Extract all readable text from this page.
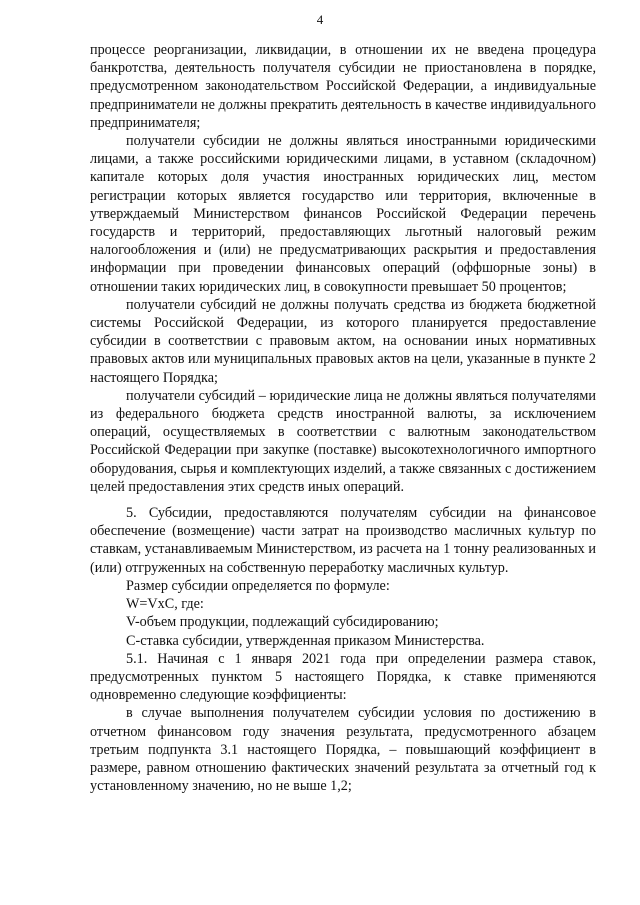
4

процессе реорганизации, ликвидации, в отношении их не введена процедура банкротства, деятельность получателя субсидии не приостановлена в порядке, предусмотренном законодательством Российской Федерации, а индивидуальные предприниматели не должны прекратить деятельность в качестве индивидуального предпринимателя;

получатели субсидии не должны являться иностранными юридическими лицами, а также российскими юридическими лицами, в уставном (складочном) капитале которых доля участия иностранных юридических лиц, местом регистрации которых является государство или территория, включенные в утверждаемый Министерством финансов Российской Федерации перечень государств и территорий, предоставляющих льготный налоговый режим налогообложения и (или) не предусматривающих раскрытия и предоставления информации при проведении финансовых операций (оффшорные зоны) в отношении таких юридических лиц, в совокупности превышает 50 процентов;

получатели субсидий не должны получать средства из бюджета бюджетной системы Российской Федерации, из которого планируется предоставление субсидии в соответствии с правовым актом, на основании иных нормативных правовых актов или муниципальных правовых актов на цели, указанные в пункте 2 настоящего Порядка;

получатели субсидий – юридические лица не должны являться получателями из федерального бюджета средств иностранной валюты, за исключением операций, осуществляемых в соответствии с валютным законодательством Российской Федерации при закупке (поставке) высокотехнологичного импортного оборудования, сырья и комплектующих изделий, а также связанных с достижением целей предоставления этих средств иных операций.

5. Субсидии, предоставляются получателям субсидии на финансовое обеспечение (возмещение) части затрат на производство масличных культур по ставкам, устанавливаемым Министерством, из расчета на 1 тонну реализованных и (или) отгруженных на собственную переработку масличных культур.

Размер субсидии определяется по формуле:

W=VxC, где:

V-объем продукции, подлежащий субсидированию;

С-ставка субсидии, утвержденная приказом Министерства.

5.1. Начиная с 1 января 2021 года при определении размера ставок, предусмотренных пунктом 5 настоящего Порядка, к ставке применяются одновременно следующие коэффициенты:

в случае выполнения получателем субсидии условия по достижению в отчетном финансовом году значения результата, предусмотренного абзацем третьим подпункта 3.1 настоящего Порядка, – повышающий коэффициент в размере, равном отношению фактических значений результата за отчетный год к установленному значению, но не выше 1,2;
